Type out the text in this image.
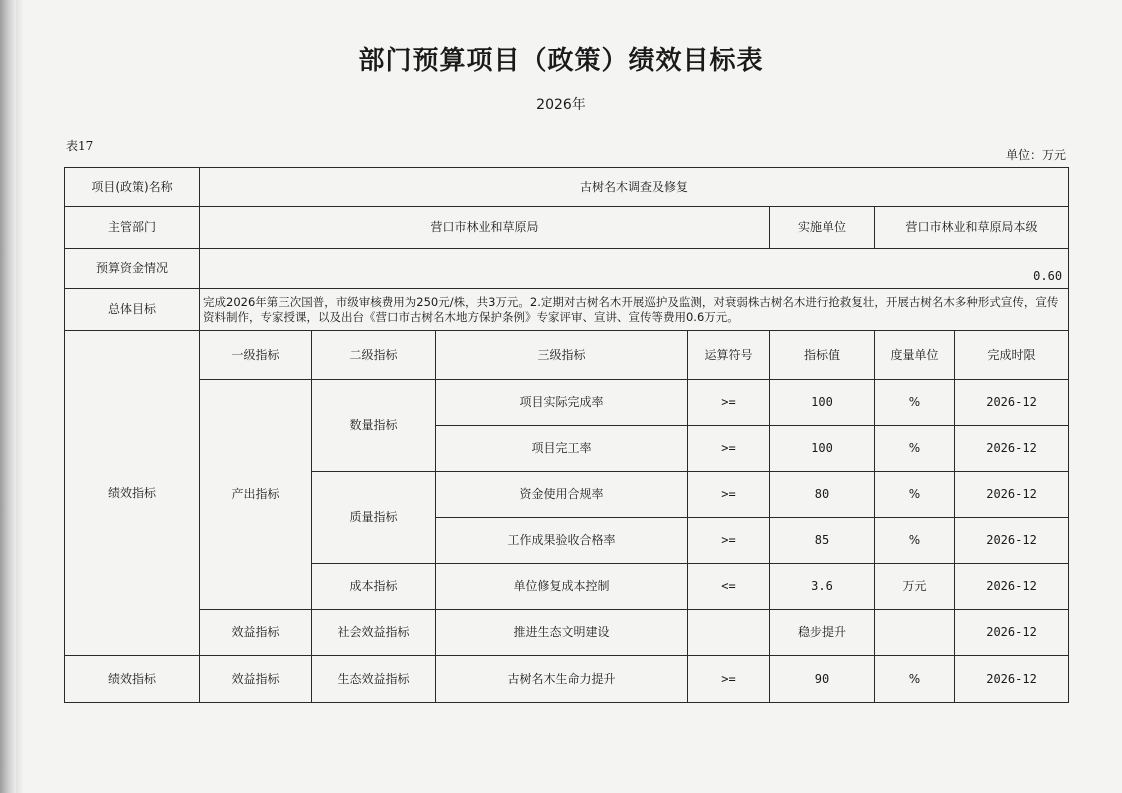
部门预算项目（政策）绩效目标表
2026年
表17
单位：万元
项目(政策)名称	古树名木调查及修复						
主管部门	营口市林业和草原局				实施单位	营口市林业和草原局本级	
预算资金情况	0.60						
总体目标	完成2026年第三次国普，市级审核费用为250元/株，共3万元。2.定期对古树名木开展巡护及监测，对衰弱株古树名木进行抢救复壮，开展古树名木多种形式宣传，宣传资料制作，专家授课，以及出台《营口市古树名木地方保护条例》专家评审、宣讲、宣传等费用0.6万元。						
绩效指标	一级指标	二级指标	三级指标	运算符号	指标值	度量单位	完成时限
	产出指标	数量指标	项目实际完成率	>=	100	%	2026-12
			项目完工率	>=	100	%	2026-12
		质量指标	资金使用合规率	>=	80	%	2026-12
			工作成果验收合格率	>=	85	%	2026-12
		成本指标	单位修复成本控制	<=	3.6	万元	2026-12
	效益指标	社会效益指标	推进生态文明建设		稳步提升		2026-12
绩效指标	效益指标	生态效益指标	古树名木生命力提升	>=	90	%	2026-12
